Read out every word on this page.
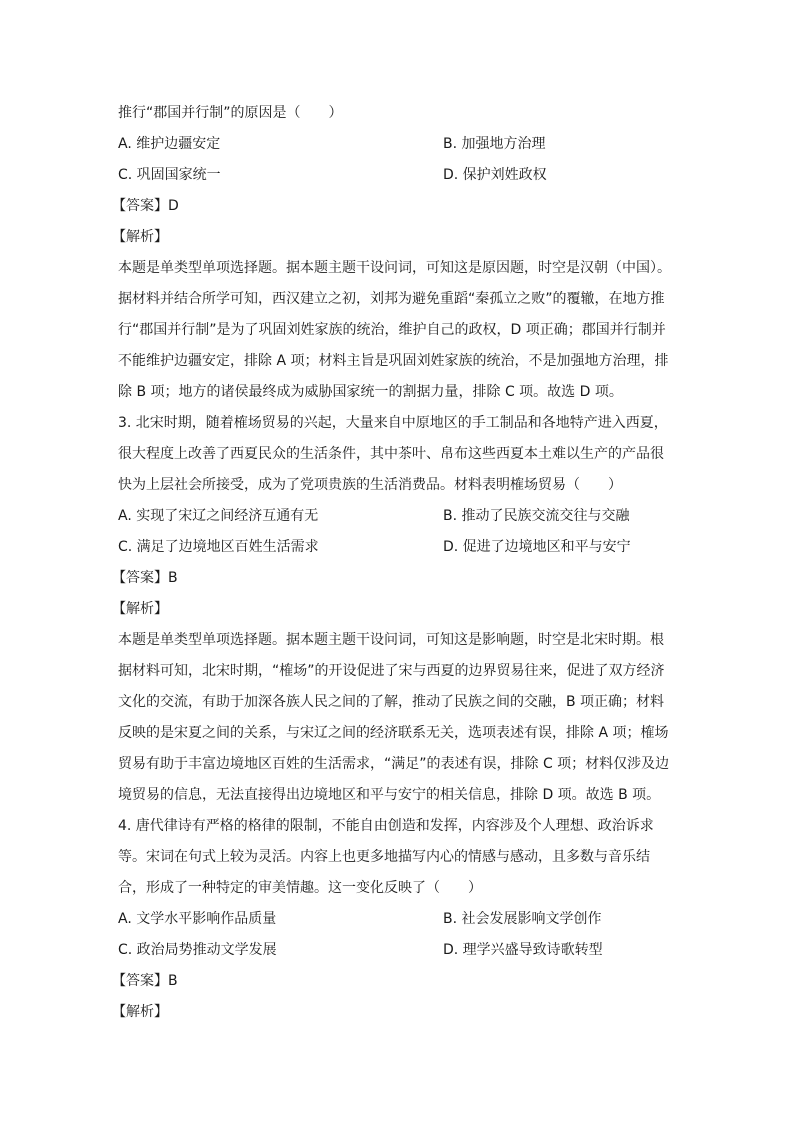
推行“郡国并行制”的原因是（　　）
A. 维护边疆安定	B. 加强地方治理
C. 巩固国家统一	D. 保护刘姓政权
【答案】D
【解析】
本题是单类型单项选择题。据本题主题干设问词，可知这是原因题，时空是汉朝（中国）。
据材料并结合所学可知，西汉建立之初，刘邦为避免重蹈“秦孤立之败”的覆辙，在地方推
行“郡国并行制”是为了巩固刘姓家族的统治，维护自己的政权，D 项正确；郡国并行制并
不能维护边疆安定，排除 A 项；材料主旨是巩固刘姓家族的统治，不是加强地方治理，排
除 B 项；地方的诸侯最终成为威胁国家统一的割据力量，排除 C 项。故选 D 项。
3. 北宋时期，随着榷场贸易的兴起，大量来自中原地区的手工制品和各地特产进入西夏，
很大程度上改善了西夏民众的生活条件，其中茶叶、帛布这些西夏本土难以生产的产品很
快为上层社会所接受，成为了党项贵族的生活消费品。材料表明榷场贸易（　　）
A. 实现了宋辽之间经济互通有无	B. 推动了民族交流交往与交融
C. 满足了边境地区百姓生活需求	D. 促进了边境地区和平与安宁
【答案】B
【解析】
本题是单类型单项选择题。据本题主题干设问词，可知这是影响题，时空是北宋时期。根
据材料可知，北宋时期，“榷场”的开设促进了宋与西夏的边界贸易往来，促进了双方经济
文化的交流，有助于加深各族人民之间的了解，推动了民族之间的交融，B 项正确；材料
反映的是宋夏之间的关系，与宋辽之间的经济联系无关，选项表述有误，排除 A 项；榷场
贸易有助于丰富边境地区百姓的生活需求，“满足”的表述有误，排除 C 项；材料仅涉及边
境贸易的信息，无法直接得出边境地区和平与安宁的相关信息，排除 D 项。故选 B 项。
4. 唐代律诗有严格的格律的限制，不能自由创造和发挥，内容涉及个人理想、政治诉求
等。宋词在句式上较为灵活。内容上也更多地描写内心的情感与感动，且多数与音乐结
合，形成了一种特定的审美情趣。这一变化反映了（　　）
A. 文学水平影响作品质量	B. 社会发展影响文学创作
C. 政治局势推动文学发展	D. 理学兴盛导致诗歌转型
【答案】B
【解析】
